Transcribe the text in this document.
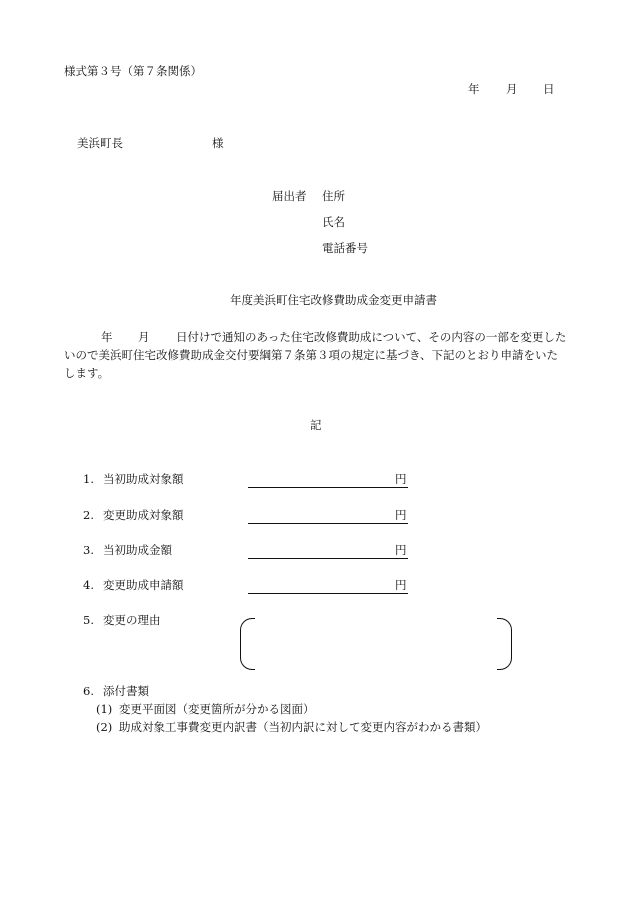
様式第３号（第７条関係）
年 月 日
美浜町長	様
届出者 住所
氏名
電話番号
年度美浜町住宅改修費助成金変更申請書
年 月	日付けで通知のあった住宅改修費助成について、その内容の一部を変更したいので美浜町住宅改修費助成金交付要綱第７条第３項の規定に基づき、下記のとおり申請をいたします。
記
1. 当初助成対象額	円
2. 変更助成対象額	円
3. 当初助成金額	円
4. 変更助成申請額	円
5. 変更の理由
6. 添付書類
(1) 変更平面図（変更箇所が分かる図面）
(2) 助成対象工事費変更内訳書（当初内訳に対して変更内容がわかる書類）
